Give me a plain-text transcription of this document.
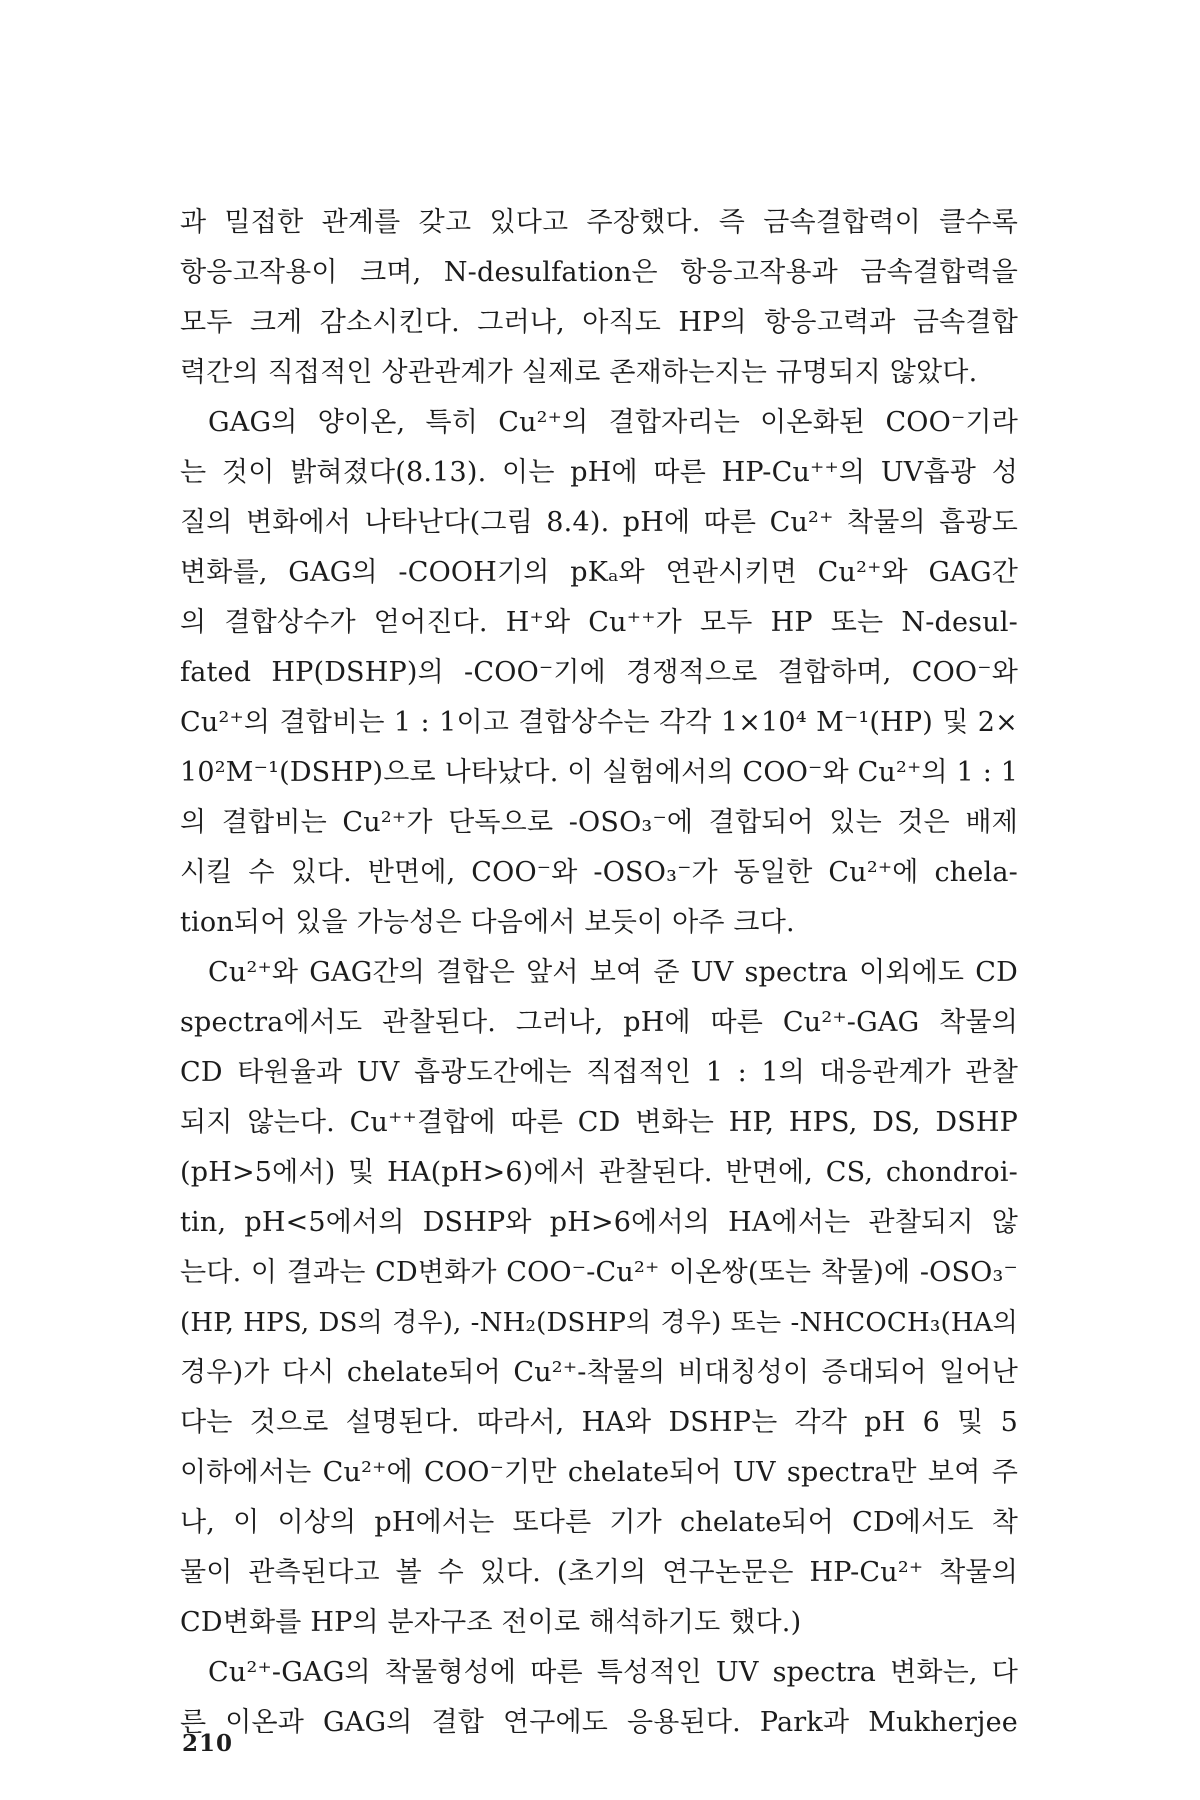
과 밀접한 관계를 갖고 있다고 주장했다. 즉 금속결합력이 클수록
항응고작용이 크며, N-desulfation은 항응고작용과 금속결합력을
모두 크게 감소시킨다. 그러나, 아직도 HP의 항응고력과 금속결합
력간의 직접적인 상관관계가 실제로 존재하는지는 규명되지 않았다.
GAG의 양이온, 특히 Cu²⁺의 결합자리는 이온화된 COO⁻기라
는 것이 밝혀졌다(8.13). 이는 pH에 따른 HP-Cu⁺⁺의 UV흡광 성
질의 변화에서 나타난다(그림 8.4). pH에 따른 Cu²⁺ 착물의 흡광도
변화를, GAG의 -COOH기의 pKₐ와 연관시키면 Cu²⁺와 GAG간
의 결합상수가 얻어진다. H⁺와 Cu⁺⁺가 모두 HP 또는 N-desul-
fated HP(DSHP)의 -COO⁻기에 경쟁적으로 결합하며, COO⁻와
Cu²⁺의 결합비는 1 : 1이고 결합상수는 각각 1×10⁴ M⁻¹(HP) 및 2×
10²M⁻¹(DSHP)으로 나타났다. 이 실험에서의 COO⁻와 Cu²⁺의 1 : 1
의 결합비는 Cu²⁺가 단독으로 -OSO₃⁻에 결합되어 있는 것은 배제
시킬 수 있다. 반면에, COO⁻와 -OSO₃⁻가 동일한 Cu²⁺에 chela-
tion되어 있을 가능성은 다음에서 보듯이 아주 크다.
Cu²⁺와 GAG간의 결합은 앞서 보여 준 UV spectra 이외에도 CD
spectra에서도 관찰된다. 그러나, pH에 따른 Cu²⁺-GAG 착물의
CD 타원율과 UV 흡광도간에는 직접적인 1 : 1의 대응관계가 관찰
되지 않는다. Cu⁺⁺결합에 따른 CD 변화는 HP, HPS, DS, DSHP
(pH>5에서) 및 HA(pH>6)에서 관찰된다. 반면에, CS, chondroi-
tin, pH<5에서의 DSHP와 pH>6에서의 HA에서는 관찰되지 않
는다. 이 결과는 CD변화가 COO⁻-Cu²⁺ 이온쌍(또는 착물)에 -OSO₃⁻
(HP, HPS, DS의 경우), -NH₂(DSHP의 경우) 또는 -NHCOCH₃(HA의
경우)가 다시 chelate되어 Cu²⁺-착물의 비대칭성이 증대되어 일어난
다는 것으로 설명된다. 따라서, HA와 DSHP는 각각 pH 6 및 5
이하에서는 Cu²⁺에 COO⁻기만 chelate되어 UV spectra만 보여 주
나, 이 이상의 pH에서는 또다른 기가 chelate되어 CD에서도 착
물이 관측된다고 볼 수 있다. (초기의 연구논문은 HP-Cu²⁺ 착물의
CD변화를 HP의 분자구조 전이로 해석하기도 했다.)
Cu²⁺-GAG의 착물형성에 따른 특성적인 UV spectra 변화는, 다
른 이온과 GAG의 결합 연구에도 응용된다. Park과 Mukherjee
210
